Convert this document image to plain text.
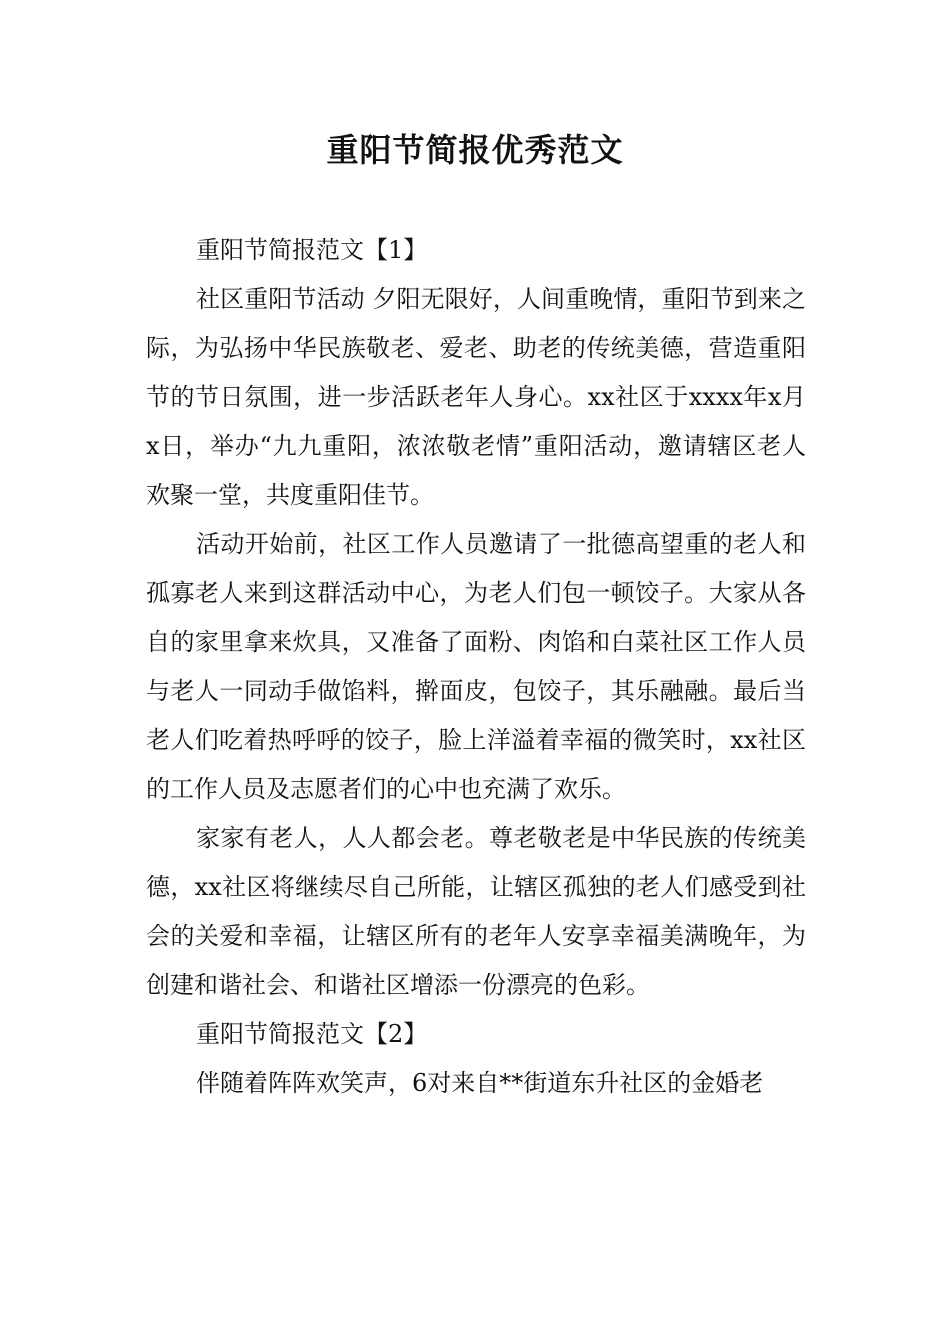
重阳节简报优秀范文

重阳节简报范文【1】

社区重阳节活动 夕阳无限好，人间重晚情，重阳节到来之际，为弘扬中华民族敬老、爱老、助老的传统美德，营造重阳节的节日氛围，进一步活跃老年人身心。xx社区于xxxx年x月x日，举办“九九重阳，浓浓敬老情”重阳活动，邀请辖区老人欢聚一堂，共度重阳佳节。

活动开始前，社区工作人员邀请了一批德高望重的老人和孤寡老人来到这群活动中心，为老人们包一顿饺子。大家从各自的家里拿来炊具，又准备了面粉、肉馅和白菜社区工作人员与老人一同动手做馅料，擀面皮，包饺子，其乐融融。最后当老人们吃着热呼呼的饺子，脸上洋溢着幸福的微笑时，xx社区的工作人员及志愿者们的心中也充满了欢乐。

家家有老人，人人都会老。尊老敬老是中华民族的传统美德，xx社区将继续尽自己所能，让辖区孤独的老人们感受到社会的关爱和幸福，让辖区所有的老年人安享幸福美满晚年，为创建和谐社会、和谐社区增添一份漂亮的色彩。

重阳节简报范文【2】

伴随着阵阵欢笑声，6对来自**街道东升社区的金婚老
